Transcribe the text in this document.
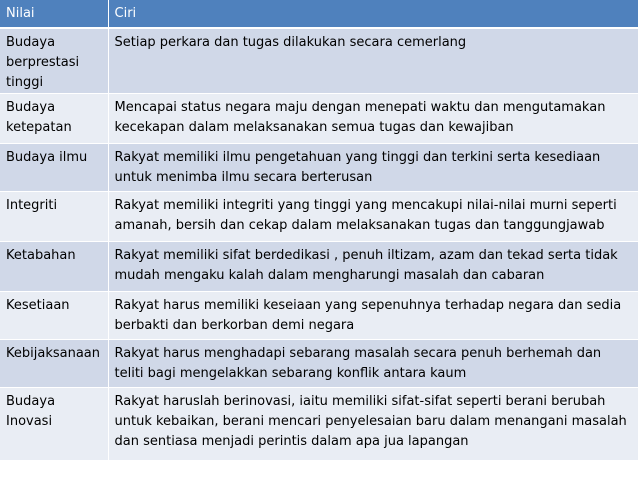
Nilai	Ciri
Budaya berprestasi tinggi	Setiap perkara dan tugas dilakukan secara cemerlang
Budaya ketepatan	Mencapai status negara maju dengan menepati waktu dan mengutamakan kecekapan dalam melaksanakan semua tugas dan kewajiban
Budaya ilmu	Rakyat memiliki ilmu pengetahuan yang tinggi dan terkini serta kesediaan untuk menimba ilmu secara berterusan
Integriti	Rakyat memiliki integriti yang tinggi yang mencakupi nilai-nilai murni seperti amanah, bersih dan cekap dalam melaksanakan tugas dan tanggungjawab
Ketabahan	Rakyat memiliki sifat berdedikasi , penuh iltizam, azam dan tekad serta tidak mudah mengaku kalah dalam mengharungi masalah dan cabaran
Kesetiaan	Rakyat harus memiliki keseiaan yang sepenuhnya terhadap negara dan sedia berbakti dan berkorban demi negara
Kebijaksanaan	Rakyat harus menghadapi sebarang masalah secara penuh berhemah dan teliti bagi mengelakkan sebarang konflik antara kaum
Budaya Inovasi	Rakyat haruslah berinovasi, iaitu memiliki sifat-sifat seperti berani berubah untuk kebaikan, berani mencari penyelesaian baru dalam menangani masalah dan sentiasa menjadi perintis dalam apa jua lapangan
